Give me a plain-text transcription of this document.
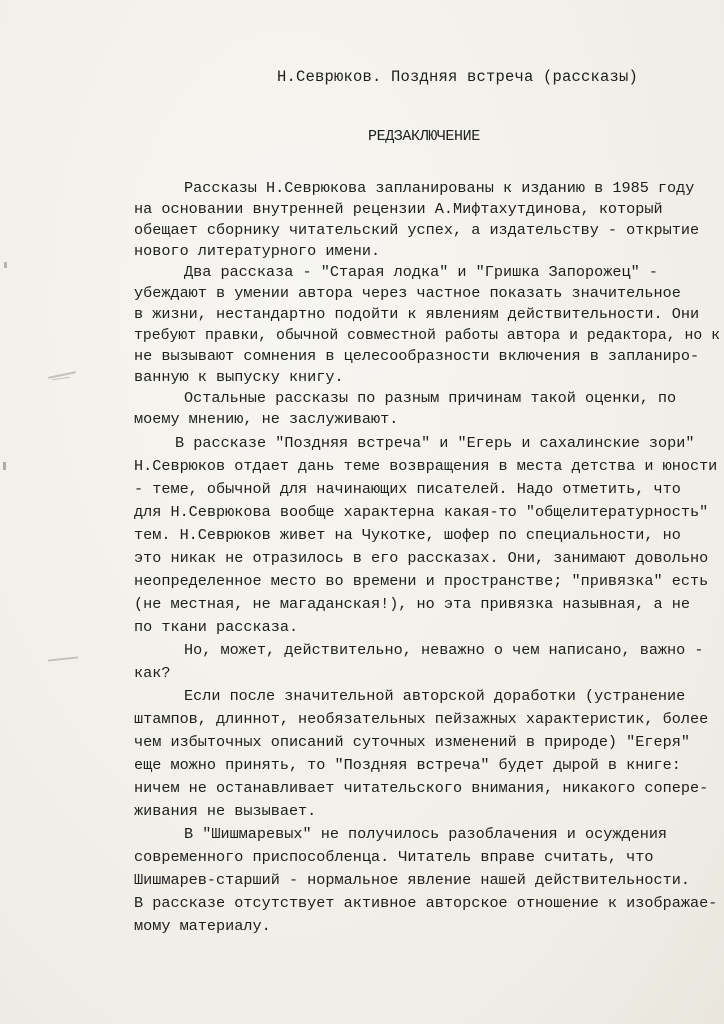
Н.Севрюков. Поздняя встреча (рассказы)
РЕДЗАКЛЮЧЕНИЕ
Рассказы Н.Севрюкова запланированы к изданию в 1985 году
на основании внутренней рецензии А.Мифтахутдинова, который
обещает сборнику читательский успех, а издательству - открытие
нового литературного имени.
Два рассказа - "Старая лодка" и "Гришка Запорожец" -
убеждают в умении автора через частное показать значительное
в жизни, нестандартно подойти к явлениям действительности. Они
требуют правки, обычной совместной работы автора и редактора, но к
не вызывают сомнения в целесообразности включения в запланиро-
ванную к выпуску книгу.
Остальные рассказы по разным причинам такой оценки, по
моему мнению, не заслуживают.
В рассказе "Поздняя встреча" и "Егерь и сахалинские зори"
Н.Севрюков отдает дань теме возвращения в места детства и юности
- теме, обычной для начинающих писателей. Надо отметить, что
для Н.Севрюкова вообще характерна какая-то "общелитературность"
тем. Н.Севрюков живет на Чукотке, шофер по специальности, но
это никак не отразилось в его рассказах. Они, занимают довольно
неопределенное место во времени и пространстве; "привязка" есть
(не местная, не магаданская!), но эта привязка назывная, а не
по ткани рассказа.
Но, может, действительно, неважно о чем написано, важно -
как?
Если после значительной авторской доработки (устранение
штампов, длиннот, необязательных пейзажных характеристик, более
чем избыточных описаний суточных изменений в природе) "Егеря"
еще можно принять, то "Поздняя встреча" будет дырой в книге:
ничем не останавливает читательского внимания, никакого сопере-
живания не вызывает.
В "Шишмаревых" не получилось разоблачения и осуждения
современного приспособленца. Читатель вправе считать, что
Шишмарев-старший - нормальное явление нашей действительности.
В рассказе отсутствует активное авторское отношение к изображае-
мому материалу.
